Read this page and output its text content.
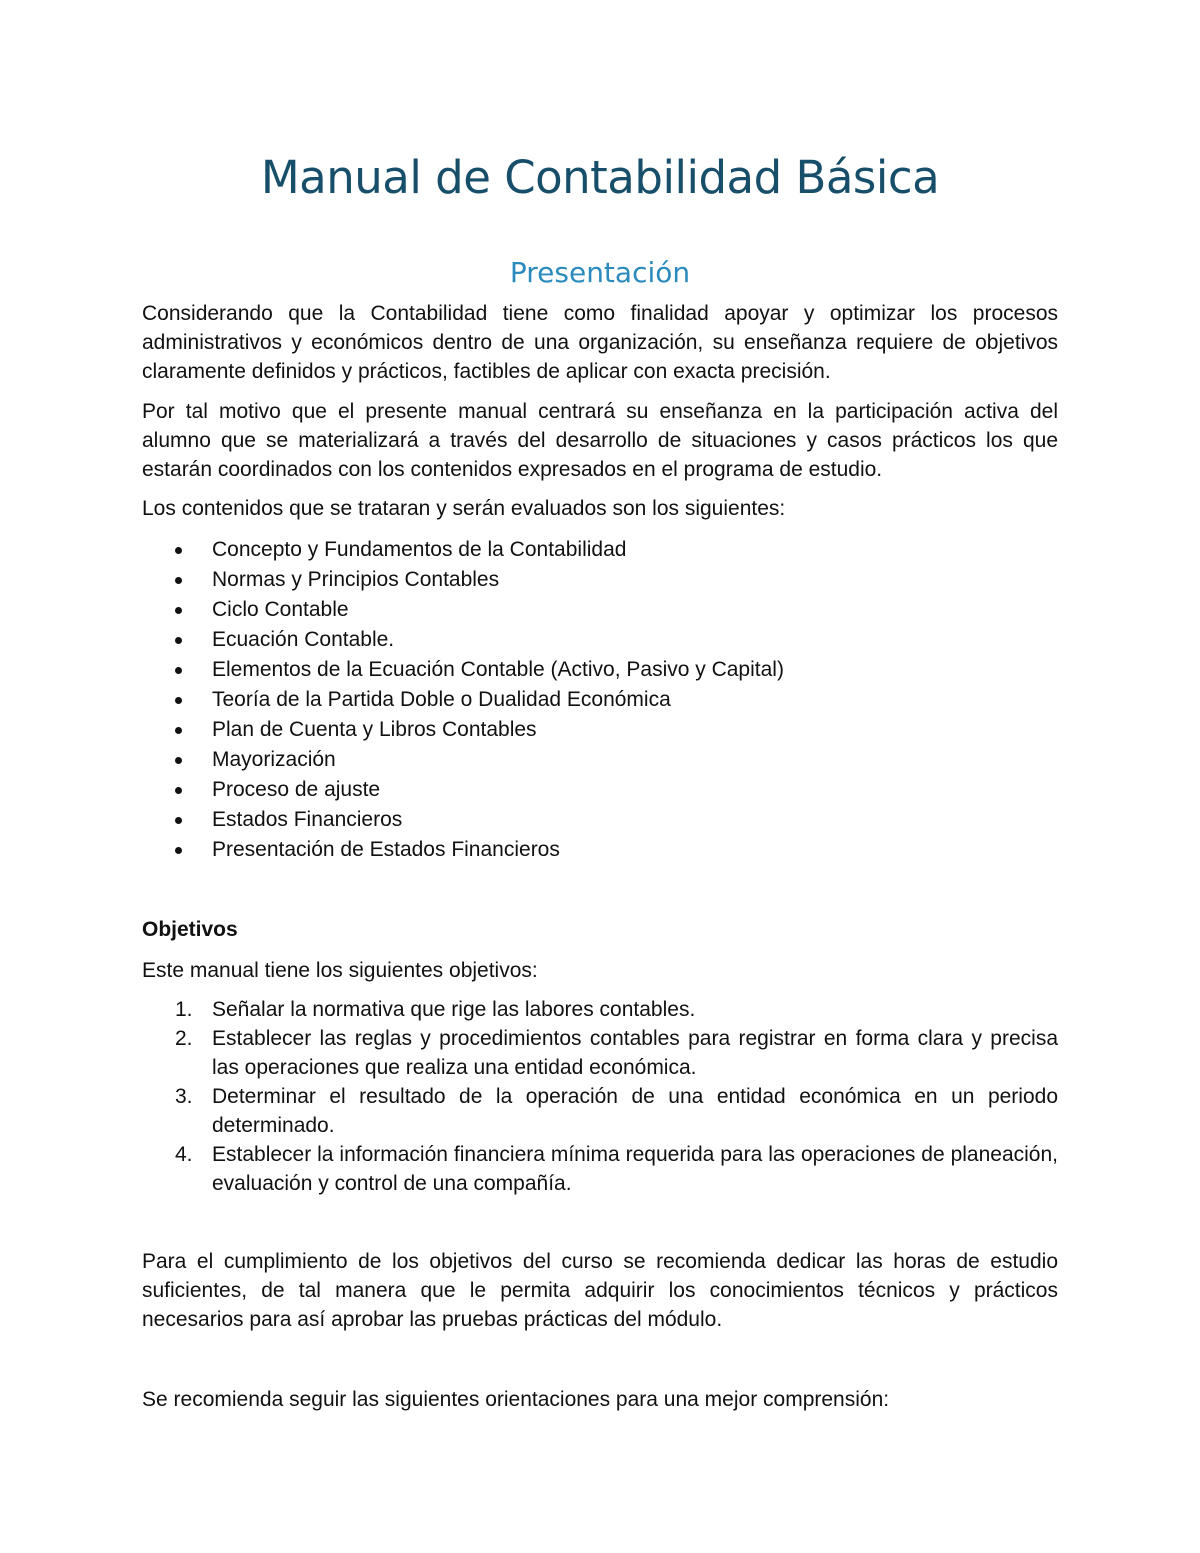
Manual de Contabilidad Básica
Presentación

Considerando que la Contabilidad tiene como finalidad apoyar y optimizar los procesos administrativos y económicos dentro de una organización, su enseñanza requiere de objetivos claramente definidos y prácticos, factibles de aplicar con exacta precisión.

Por tal motivo que el presente manual centrará su enseñanza en la participación activa del alumno que se materializará a través del desarrollo de situaciones y casos prácticos los que estarán coordinados con los contenidos expresados en el programa de estudio.

Los contenidos que se trataran y serán evaluados son los siguientes:

Concepto y Fundamentos de la Contabilidad
Normas y Principios Contables
Ciclo Contable
Ecuación Contable.
Elementos de la Ecuación Contable (Activo, Pasivo y Capital)
Teoría de la Partida Doble o Dualidad Económica
Plan de Cuenta y Libros Contables
Mayorización
Proceso de ajuste
Estados Financieros
Presentación de Estados Financieros
Objetivos

Este manual tiene los siguientes objetivos:

1. Señalar la normativa que rige las labores contables.
2. Establecer las reglas y procedimientos contables para registrar en forma clara y precisa las operaciones que realiza una entidad económica.
3. Determinar el resultado de la operación de una entidad económica en un periodo determinado.
4. Establecer la información financiera mínima requerida para las operaciones de planeación, evaluación y control de una compañía.

Para el cumplimiento de los objetivos del curso se recomienda dedicar las horas de estudio suficientes, de tal manera que le permita adquirir los conocimientos técnicos y prácticos necesarios para así aprobar las pruebas prácticas del módulo.

Se recomienda seguir las siguientes orientaciones para una mejor comprensión:
